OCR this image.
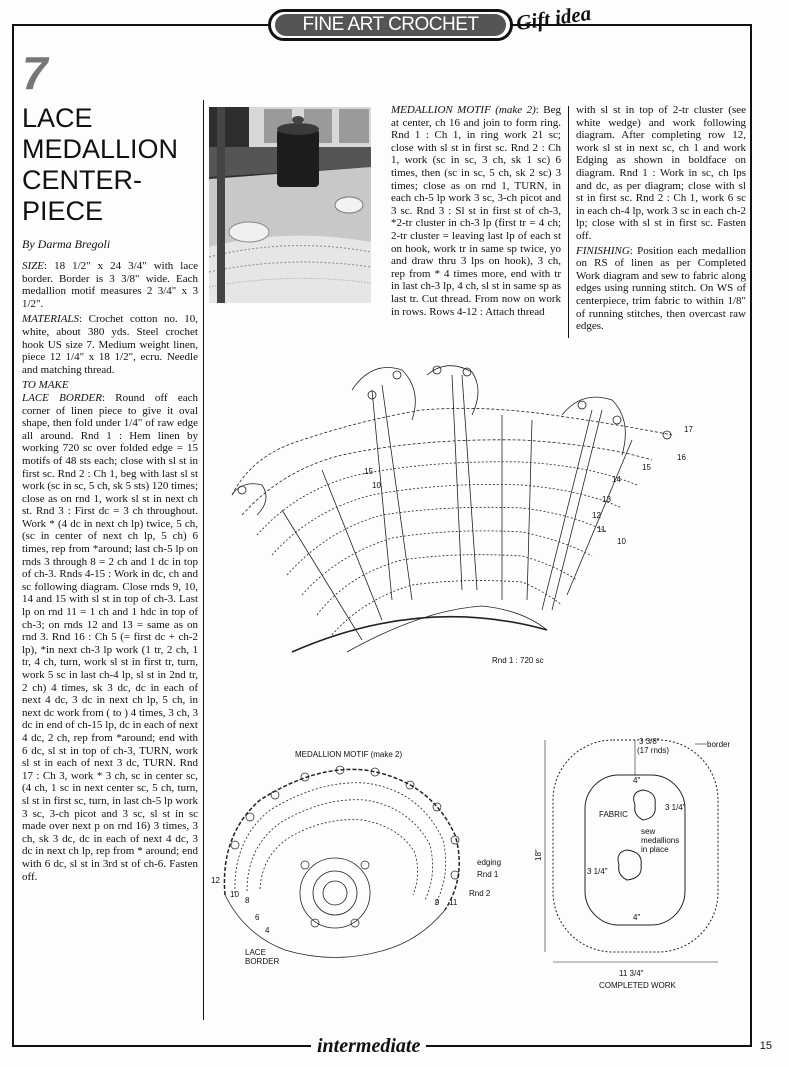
FINE ART CROCHET	Gift idea
7
LACE
MEDALLION
CENTER-
PIECE

By Darma Bregoli

SIZE: 18 1/2" x 24 3/4" with lace border. Border is 3 3/8" wide. Each medallion motif measures 2 3/4" x 3 1/2".

MATERIALS: Crochet cotton no. 10, white, about 380 yds. Steel crochet hook US size 7. Medium weight linen, piece 12 1/4" x 18 1/2", ecru. Needle and matching thread.

TO MAKE

LACE BORDER: Round off each corner of linen piece to give it oval shape, then fold under 1/4" of raw edge all around. Rnd 1 : Hem linen by working 720 sc over folded edge = 15 motifs of 48 sts each; close with sl st in first sc. Rnd 2 : Ch 1, beg with last sl st work (sc in sc, 5 ch, sk 5 sts) 120 times; close as on rnd 1, work sl st in next ch st. Rnd 3 : First dc = 3 ch throughout. Work * (4 dc in next ch lp) twice, 5 ch, (sc in center of next ch lp, 5 ch) 6 times, rep from *around; last ch-5 lp on rnds 3 through 8 = 2 ch and 1 dc in top of ch-3. Rnds 4-15 : Work in dc, ch and sc following diagram. Close rnds 9, 10, 14 and 15 with sl st in top of ch-3. Last lp on rnd 11 = 1 ch and 1 hdc in top of ch-3; on rnds 12 and 13 = same as on rnd 3. Rnd 16 : Ch 5 (= first dc + ch-2 lp), *in next ch-3 lp work (1 tr, 2 ch, 1 tr, 4 ch, turn, work sl st in first tr, turn, work 5 sc in last ch-4 lp, sl st in 2nd tr, 2 ch) 4 times, sk 3 dc, dc in each of next 4 dc, 3 dc in next ch lp, 5 ch, in next dc work from ( to ) 4 times, 3 ch, 3 dc in end of ch-15 lp, dc in each of next 4 dc, 2 ch, rep from *around; end with 6 dc, sl st in top of ch-3, TURN, work sl st in each of next 3 dc, TURN. Rnd 17 : Ch 3, work * 3 ch, sc in center sc, (4 ch, 1 sc in next center sc, 5 ch, turn, sl st in first sc, turn, in last ch-5 lp work 3 sc, 3-ch picot and 3 sc, sl st in sc made over next p on rnd 16) 3 times, 3 ch, sk 3 dc, dc in each of next 4 dc, 3 dc in next ch lp, rep from * around; end with 6 dc, sl st in 3rd st of ch-6. Fasten off.

MEDALLION MOTIF (make 2): Beg at center, ch 16 and join to form ring. Rnd 1 : Ch 1, in ring work 21 sc; close with sl st in first sc. Rnd 2 : Ch 1, work (sc in sc, 3 ch, sk 1 sc) 6 times, then (sc in sc, 5 ch, sk 2 sc) 3 times; close as on rnd 1, TURN, in each ch-5 lp work 3 sc, 3-ch picot and 3 sc. Rnd 3 : Sl st in first st of ch-3, *2-tr cluster in ch-3 lp (first tr = 4 ch; 2-tr cluster = leaving last lp of each st on hook, work tr in same sp twice, yo and draw thru 3 lps on hook), 3 ch, rep from * 4 times more, end with tr in last ch-3 lp, 4 ch, sl st in same sp as last tr. Cut thread. From now on work in rows. Rows 4-12 : Attach thread

with sl st in top of 2-tr cluster (see white wedge) and work following diagram. After completing row 12, work sl st in next sc, ch 1 and work Edging as shown in boldface on diagram. Rnd 1 : Work in sc, ch lps and dc, as per diagram; close with sl st in first sc. Rnd 2 : Ch 1, work 6 sc in each ch-4 lp, work 3 sc in each ch-2 lp; close with sl st in first sc. Fasten off.

FINISHING: Position each medallion on RS of linen as per Completed Work diagram and sew to fabric along edges using running stitch. On WS of centerpiece, trim fabric to within 1/8" of running stitches, then overcast raw edges.

17
16
15
14
13
12
11
10
15
10
Rnd 1 : 720 sc
MEDALLION MOTIF (make 2)
edging
Rnd 1
Rnd 2
LACE
BORDER
12
10
8
6
4
9 11
border
3 3/8"
(17 rnds)
FABRIC
4"
3 1/4"
sew
medallions
in place
3 1/4"
4"
18"
11 3/4"
COMPLETED WORK
intermediate	15
